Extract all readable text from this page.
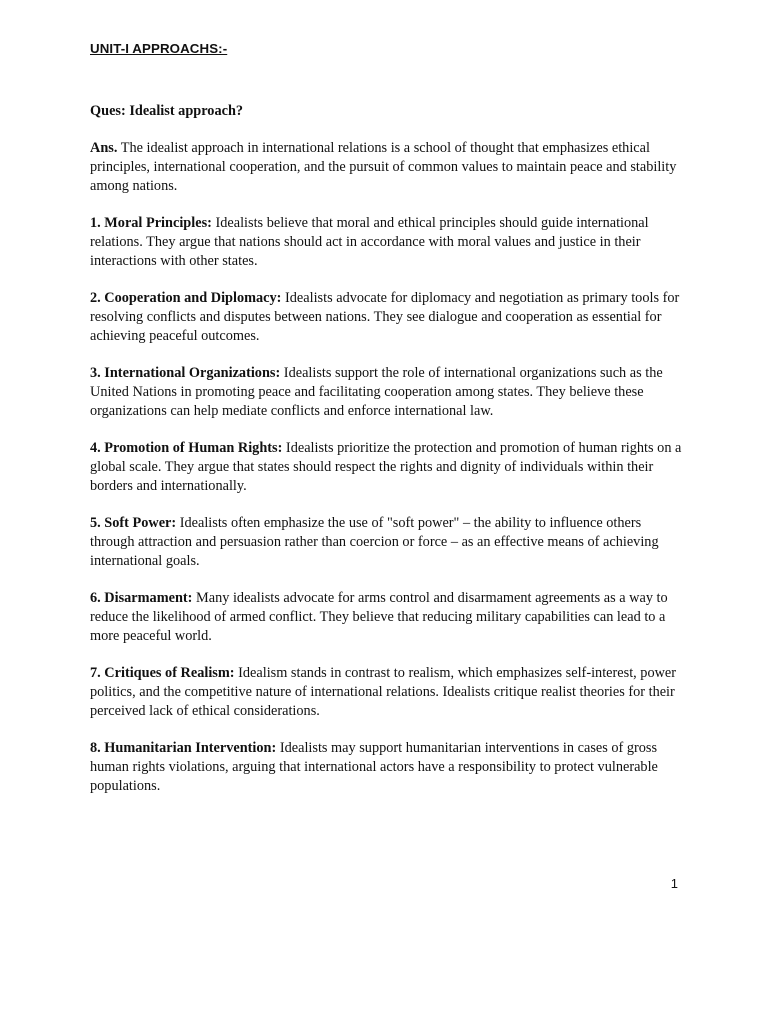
UNIT-I APPROACHS:-

Ques: Idealist approach?

Ans. The idealist approach in international relations is a school of thought that emphasizes ethical principles, international cooperation, and the pursuit of common values to maintain peace and stability among nations.

1. Moral Principles: Idealists believe that moral and ethical principles should guide international relations. They argue that nations should act in accordance with moral values and justice in their interactions with other states.

2. Cooperation and Diplomacy: Idealists advocate for diplomacy and negotiation as primary tools for resolving conflicts and disputes between nations. They see dialogue and cooperation as essential for achieving peaceful outcomes.

3. International Organizations: Idealists support the role of international organizations such as the United Nations in promoting peace and facilitating cooperation among states. They believe these organizations can help mediate conflicts and enforce international law.

4. Promotion of Human Rights: Idealists prioritize the protection and promotion of human rights on a global scale. They argue that states should respect the rights and dignity of individuals within their borders and internationally.

5. Soft Power: Idealists often emphasize the use of "soft power" – the ability to influence others through attraction and persuasion rather than coercion or force – as an effective means of achieving international goals.

6. Disarmament: Many idealists advocate for arms control and disarmament agreements as a way to reduce the likelihood of armed conflict. They believe that reducing military capabilities can lead to a more peaceful world.

7. Critiques of Realism: Idealism stands in contrast to realism, which emphasizes self-interest, power politics, and the competitive nature of international relations. Idealists critique realist theories for their perceived lack of ethical considerations.

8. Humanitarian Intervention: Idealists may support humanitarian interventions in cases of gross human rights violations, arguing that international actors have a responsibility to protect vulnerable populations.

1
